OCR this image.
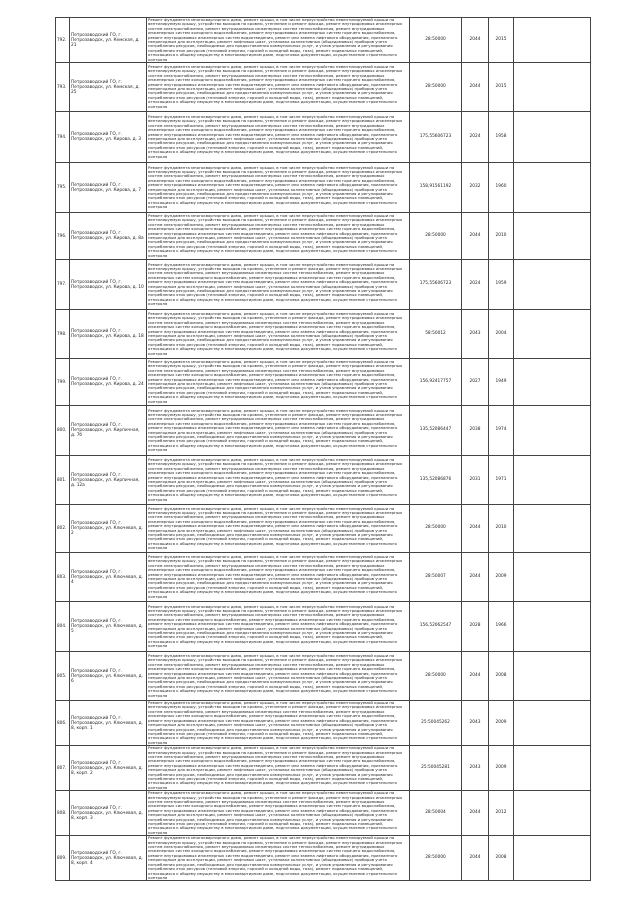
792.	Петрозаводский ГО, г. Петрозаводск, ул. Кемская, д. 21	Ремонт фундамента многоквартирного дома, ремонт крыши, в том числе переустройство невентилируемой крыши на вентилируемую крышу, устройство выходов на кровлю, утепление и ремонт фасада, ремонт внутридомовых инженерных систем электроснабжения, ремонт внутридомовых инженерных систем теплоснабжения, ремонт внутридомовых инженерных систем холодного водоснабжения, ремонт внутридомовых инженерных систем горячего водоснабжения, ремонт внутридомовых инженерных систем водоотведения, ремонт или замена лифтового оборудования, признанного непригодным для эксплуатации, ремонт лифтовых шахт, установка коллективных (общедомовых) приборов учета потребления ресурсов, необходимых для предоставления коммунальных услуг, и узлов управления и регулирования потребления этих ресурсов (тепловой энергии, горячей и холодной воды, газа), ремонт подвальных помещений, относящихся к общему имуществу в многоквартирном доме, подготовка документации, осуществление строительного контроля	28:50000	2044	2015	
793.	Петрозаводский ГО, г. Петрозаводск, ул. Кемская, д. 25	Ремонт фундамента многоквартирного дома, ремонт крыши, в том числе переустройство невентилируемой крыши на вентилируемую крышу, устройство выходов на кровлю, утепление и ремонт фасада, ремонт внутридомовых инженерных систем электроснабжения, ремонт внутридомовых инженерных систем теплоснабжения, ремонт внутридомовых инженерных систем холодного водоснабжения, ремонт внутридомовых инженерных систем горячего водоснабжения, ремонт внутридомовых инженерных систем водоотведения, ремонт или замена лифтового оборудования, признанного непригодным для эксплуатации, ремонт лифтовых шахт, установка коллективных (общедомовых) приборов учета потребления ресурсов, необходимых для предоставления коммунальных услуг, и узлов управления и регулирования потребления этих ресурсов (тепловой энергии, горячей и холодной воды, газа), ремонт подвальных помещений, относящихся к общему имуществу в многоквартирном доме, подготовка документации, осуществление строительного контроля	28:50000	2044	2015	
794.	Петрозаводский ГО, г. Петрозаводск, ул. Кирова, д. 3	Ремонт фундамента многоквартирного дома, ремонт крыши, в том числе переустройство невентилируемой крыши на вентилируемую крышу, устройство выходов на кровлю, утепление и ремонт фасада, ремонт внутридомовых инженерных систем электроснабжения, ремонт внутридомовых инженерных систем теплоснабжения, ремонт внутридомовых инженерных систем холодного водоснабжения, ремонт внутридомовых инженерных систем горячего водоснабжения, ремонт внутридомовых инженерных систем водоотведения, ремонт или замена лифтового оборудования, признанного непригодным для эксплуатации, ремонт лифтовых шахт, установка коллективных (общедомовых) приборов учета потребления ресурсов, необходимых для предоставления коммунальных услуг, и узлов управления и регулирования потребления этих ресурсов (тепловой энергии, горячей и холодной воды, газа), ремонт подвальных помещений, относящихся к общему имуществу в многоквартирном доме, подготовка документации, осуществление строительного контроля	175,55606723	2024	1958	
795.	Петрозаводский ГО, г. Петрозаводск, ул. Кирова, д. 7	Ремонт фундамента многоквартирного дома, ремонт крыши, в том числе переустройство невентилируемой крыши на вентилируемую крышу, устройство выходов на кровлю, утепление и ремонт фасада, ремонт внутридомовых инженерных систем электроснабжения, ремонт внутридомовых инженерных систем теплоснабжения, ремонт внутридомовых инженерных систем холодного водоснабжения, ремонт внутридомовых инженерных систем горячего водоснабжения, ремонт внутридомовых инженерных систем водоотведения, ремонт или замена лифтового оборудования, признанного непригодным для эксплуатации, ремонт лифтовых шахт, установка коллективных (общедомовых) приборов учета потребления ресурсов, необходимых для предоставления коммунальных услуг, и узлов управления и регулирования потребления этих ресурсов (тепловой энергии, горячей и холодной воды, газа), ремонт подвальных помещений, относящихся к общему имуществу в многоквартирном доме, подготовка документации, осуществление строительного контроля	158,91561192	2032	1960	
796.	Петрозаводский ГО, г. Петрозаводск, ул. Кирова, д. 8а	Ремонт фундамента многоквартирного дома, ремонт крыши, в том числе переустройство невентилируемой крыши на вентилируемую крышу, устройство выходов на кровлю, утепление и ремонт фасада, ремонт внутридомовых инженерных систем электроснабжения, ремонт внутридомовых инженерных систем теплоснабжения, ремонт внутридомовых инженерных систем холодного водоснабжения, ремонт внутридомовых инженерных систем горячего водоснабжения, ремонт внутридомовых инженерных систем водоотведения, ремонт или замена лифтового оборудования, признанного непригодным для эксплуатации, ремонт лифтовых шахт, установка коллективных (общедомовых) приборов учета потребления ресурсов, необходимых для предоставления коммунальных услуг, и узлов управления и регулирования потребления этих ресурсов (тепловой энергии, горячей и холодной воды, газа), ремонт подвальных помещений, относящихся к общему имуществу в многоквартирном доме, подготовка документации, осуществление строительного контроля	28:50000	2044	2010	
797.	Петрозаводский ГО, г. Петрозаводск, ул. Кирова, д. 10	Ремонт фундамента многоквартирного дома, ремонт крыши, в том числе переустройство невентилируемой крыши на вентилируемую крышу, устройство выходов на кровлю, утепление и ремонт фасада, ремонт внутридомовых инженерных систем электроснабжения, ремонт внутридомовых инженерных систем теплоснабжения, ремонт внутридомовых инженерных систем холодного водоснабжения, ремонт внутридомовых инженерных систем горячего водоснабжения, ремонт внутридомовых инженерных систем водоотведения, ремонт или замена лифтового оборудования, признанного непригодным для эксплуатации, ремонт лифтовых шахт, установка коллективных (общедомовых) приборов учета потребления ресурсов, необходимых для предоставления коммунальных услуг, и узлов управления и регулирования потребления этих ресурсов (тепловой энергии, горячей и холодной воды, газа), ремонт подвальных помещений, относящихся к общему имуществу в многоквартирном доме, подготовка документации, осуществление строительного контроля	175,55606723	2024	1959	
798.	Петрозаводский ГО, г. Петрозаводск, ул. Кирова, д. 18	Ремонт фундамента многоквартирного дома, ремонт крыши, в том числе переустройство невентилируемой крыши на вентилируемую крышу, устройство выходов на кровлю, утепление и ремонт фасада, ремонт внутридомовых инженерных систем электроснабжения, ремонт внутридомовых инженерных систем теплоснабжения, ремонт внутридомовых инженерных систем холодного водоснабжения, ремонт внутридомовых инженерных систем горячего водоснабжения, ремонт внутридомовых инженерных систем водоотведения, ремонт или замена лифтового оборудования, признанного непригодным для эксплуатации, ремонт лифтовых шахт, установка коллективных (общедомовых) приборов учета потребления ресурсов, необходимых для предоставления коммунальных услуг, и узлов управления и регулирования потребления этих ресурсов (тепловой энергии, горячей и холодной воды, газа), ремонт подвальных помещений, относящихся к общему имуществу в многоквартирном доме, подготовка документации, осуществление строительного контроля	58:50012	2043	2004	
799.	Петрозаводский ГО, г. Петрозаводск, ул. Кирова, д. 24	Ремонт фундамента многоквартирного дома, ремонт крыши, в том числе переустройство невентилируемой крыши на вентилируемую крышу, устройство выходов на кровлю, утепление и ремонт фасада, ремонт внутридомовых инженерных систем электроснабжения, ремонт внутридомовых инженерных систем теплоснабжения, ремонт внутридомовых инженерных систем холодного водоснабжения, ремонт внутридомовых инженерных систем горячего водоснабжения, ремонт внутридомовых инженерных систем водоотведения, ремонт или замена лифтового оборудования, признанного непригодным для эксплуатации, ремонт лифтовых шахт, установка коллективных (общедомовых) приборов учета потребления ресурсов, необходимых для предоставления коммунальных услуг, и узлов управления и регулирования потребления этих ресурсов (тепловой энергии, горячей и холодной воды, газа), ремонт подвальных помещений, относящихся к общему имуществу в многоквартирном доме, подготовка документации, осуществление строительного контроля	156,92417757	2027	1949	
800.	Петрозаводский ГО, г. Петрозаводск, ул. Кирпичная, д. 7б	Ремонт фундамента многоквартирного дома, ремонт крыши, в том числе переустройство невентилируемой крыши на вентилируемую крышу, устройство выходов на кровлю, утепление и ремонт фасада, ремонт внутридомовых инженерных систем электроснабжения, ремонт внутридомовых инженерных систем теплоснабжения, ремонт внутридомовых инженерных систем холодного водоснабжения, ремонт внутридомовых инженерных систем горячего водоснабжения, ремонт внутридомовых инженерных систем водоотведения, ремонт или замена лифтового оборудования, признанного непригодным для эксплуатации, ремонт лифтовых шахт, установка коллективных (общедомовых) приборов учета потребления ресурсов, необходимых для предоставления коммунальных услуг, и узлов управления и регулирования потребления этих ресурсов (тепловой энергии, горячей и холодной воды, газа), ремонт подвальных помещений, относящихся к общему имуществу в многоквартирном доме, подготовка документации, осуществление строительного контроля	135,52086447	2038	1974	
801.	Петрозаводский ГО, г. Петрозаводск, ул. Кирпичная, д. 12а	Ремонт фундамента многоквартирного дома, ремонт крыши, в том числе переустройство невентилируемой крыши на вентилируемую крышу, устройство выходов на кровлю, утепление и ремонт фасада, ремонт внутридомовых инженерных систем электроснабжения, ремонт внутридомовых инженерных систем теплоснабжения, ремонт внутридомовых инженерных систем холодного водоснабжения, ремонт внутридомовых инженерных систем горячего водоснабжения, ремонт внутридомовых инженерных систем водоотведения, ремонт или замена лифтового оборудования, признанного непригодным для эксплуатации, ремонт лифтовых шахт, установка коллективных (общедомовых) приборов учета потребления ресурсов, необходимых для предоставления коммунальных услуг, и узлов управления и регулирования потребления этих ресурсов (тепловой энергии, горячей и холодной воды, газа), ремонт подвальных помещений, относящихся к общему имуществу в многоквартирном доме, подготовка документации, осуществление строительного контроля	135,52086876	2031	1971	
802.	Петрозаводский ГО, г. Петрозаводск, ул. Ключевая, д. 2	Ремонт фундамента многоквартирного дома, ремонт крыши, в том числе переустройство невентилируемой крыши на вентилируемую крышу, устройство выходов на кровлю, утепление и ремонт фасада, ремонт внутридомовых инженерных систем электроснабжения, ремонт внутридомовых инженерных систем теплоснабжения, ремонт внутридомовых инженерных систем холодного водоснабжения, ремонт внутридомовых инженерных систем горячего водоснабжения, ремонт внутридомовых инженерных систем водоотведения, ремонт или замена лифтового оборудования, признанного непригодным для эксплуатации, ремонт лифтовых шахт, установка коллективных (общедомовых) приборов учета потребления ресурсов, необходимых для предоставления коммунальных услуг, и узлов управления и регулирования потребления этих ресурсов (тепловой энергии, горячей и холодной воды, газа), ремонт подвальных помещений, относящихся к общему имуществу в многоквартирном доме, подготовка документации, осуществление строительного контроля	28:50000	2044	2010	
803.	Петрозаводский ГО, г. Петрозаводск, ул. Ключевая, д. 4	Ремонт фундамента многоквартирного дома, ремонт крыши, в том числе переустройство невентилируемой крыши на вентилируемую крышу, устройство выходов на кровлю, утепление и ремонт фасада, ремонт внутридомовых инженерных систем электроснабжения, ремонт внутридомовых инженерных систем теплоснабжения, ремонт внутридомовых инженерных систем холодного водоснабжения, ремонт внутридомовых инженерных систем горячего водоснабжения, ремонт внутридомовых инженерных систем водоотведения, ремонт или замена лифтового оборудования, признанного непригодным для эксплуатации, ремонт лифтовых шахт, установка коллективных (общедомовых) приборов учета потребления ресурсов, необходимых для предоставления коммунальных услуг, и узлов управления и регулирования потребления этих ресурсов (тепловой энергии, горячей и холодной воды, газа), ремонт подвальных помещений, относящихся к общему имуществу в многоквартирном доме, подготовка документации, осуществление строительного контроля	28:50007	2044	2009	
804.	Петрозаводский ГО, г. Петрозаводск, ул. Ключевая, д. 5	Ремонт фундамента многоквартирного дома, ремонт крыши, в том числе переустройство невентилируемой крыши на вентилируемую крышу, устройство выходов на кровлю, утепление и ремонт фасада, ремонт внутридомовых инженерных систем электроснабжения, ремонт внутридомовых инженерных систем теплоснабжения, ремонт внутридомовых инженерных систем холодного водоснабжения, ремонт внутридомовых инженерных систем горячего водоснабжения, ремонт внутридомовых инженерных систем водоотведения, ремонт или замена лифтового оборудования, признанного непригодным для эксплуатации, ремонт лифтовых шахт, установка коллективных (общедомовых) приборов учета потребления ресурсов, необходимых для предоставления коммунальных услуг, и узлов управления и регулирования потребления этих ресурсов (тепловой энергии, горячей и холодной воды, газа), ремонт подвальных помещений, относящихся к общему имуществу в многоквартирном доме, подготовка документации, осуществление строительного контроля	156,52062547	2028	1966	
805.	Петрозаводский ГО, г. Петрозаводск, ул. Ключевая, д. 6	Ремонт фундамента многоквартирного дома, ремонт крыши, в том числе переустройство невентилируемой крыши на вентилируемую крышу, устройство выходов на кровлю, утепление и ремонт фасада, ремонт внутридомовых инженерных систем электроснабжения, ремонт внутридомовых инженерных систем теплоснабжения, ремонт внутридомовых инженерных систем холодного водоснабжения, ремонт внутридомовых инженерных систем горячего водоснабжения, ремонт внутридомовых инженерных систем водоотведения, ремонт или замена лифтового оборудования, признанного непригодным для эксплуатации, ремонт лифтовых шахт, установка коллективных (общедомовых) приборов учета потребления ресурсов, необходимых для предоставления коммунальных услуг, и узлов управления и регулирования потребления этих ресурсов (тепловой энергии, горячей и холодной воды, газа), ремонт подвальных помещений, относящихся к общему имуществу в многоквартирном доме, подготовка документации, осуществление строительного контроля	28:50000	2044	2008	
806.	Петрозаводский ГО, г. Петрозаводск, ул. Ключевая, д. 8, корп. 1	Ремонт фундамента многоквартирного дома, ремонт крыши, в том числе переустройство невентилируемой крыши на вентилируемую крышу, устройство выходов на кровлю, утепление и ремонт фасада, ремонт внутридомовых инженерных систем электроснабжения, ремонт внутридомовых инженерных систем теплоснабжения, ремонт внутридомовых инженерных систем холодного водоснабжения, ремонт внутридомовых инженерных систем горячего водоснабжения, ремонт внутридомовых инженерных систем водоотведения, ремонт или замена лифтового оборудования, признанного непригодным для эксплуатации, ремонт лифтовых шахт, установка коллективных (общедомовых) приборов учета потребления ресурсов, необходимых для предоставления коммунальных услуг, и узлов управления и регулирования потребления этих ресурсов (тепловой энергии, горячей и холодной воды, газа), ремонт подвальных помещений, относящихся к общему имуществу в многоквартирном доме, подготовка документации, осуществление строительного контроля	25:50045262	2043	2009	
807.	Петрозаводский ГО, г. Петрозаводск, ул. Ключевая, д. 8, корп. 2	Ремонт фундамента многоквартирного дома, ремонт крыши, в том числе переустройство невентилируемой крыши на вентилируемую крышу, устройство выходов на кровлю, утепление и ремонт фасада, ремонт внутридомовых инженерных систем электроснабжения, ремонт внутридомовых инженерных систем теплоснабжения, ремонт внутридомовых инженерных систем холодного водоснабжения, ремонт внутридомовых инженерных систем горячего водоснабжения, ремонт внутридомовых инженерных систем водоотведения, ремонт или замена лифтового оборудования, признанного непригодным для эксплуатации, ремонт лифтовых шахт, установка коллективных (общедомовых) приборов учета потребления ресурсов, необходимых для предоставления коммунальных услуг, и узлов управления и регулирования потребления этих ресурсов (тепловой энергии, горячей и холодной воды, газа), ремонт подвальных помещений, относящихся к общему имуществу в многоквартирном доме, подготовка документации, осуществление строительного контроля	25:50045281	2043	2009	
808.	Петрозаводский ГО, г. Петрозаводск, ул. Ключевая, д. 8, корп. 3	Ремонт фундамента многоквартирного дома, ремонт крыши, в том числе переустройство невентилируемой крыши на вентилируемую крышу, устройство выходов на кровлю, утепление и ремонт фасада, ремонт внутридомовых инженерных систем электроснабжения, ремонт внутридомовых инженерных систем теплоснабжения, ремонт внутридомовых инженерных систем холодного водоснабжения, ремонт внутридомовых инженерных систем горячего водоснабжения, ремонт внутридомовых инженерных систем водоотведения, ремонт или замена лифтового оборудования, признанного непригодным для эксплуатации, ремонт лифтовых шахт, установка коллективных (общедомовых) приборов учета потребления ресурсов, необходимых для предоставления коммунальных услуг, и узлов управления и регулирования потребления этих ресурсов (тепловой энергии, горячей и холодной воды, газа), ремонт подвальных помещений, относящихся к общему имуществу в многоквартирном доме, подготовка документации, осуществление строительного контроля	28:50004	2044	2012	
809.	Петрозаводский ГО, г. Петрозаводск, ул. Ключевая, д. 8, корп. 4	Ремонт фундамента многоквартирного дома, ремонт крыши, в том числе переустройство невентилируемой крыши на вентилируемую крышу, устройство выходов на кровлю, утепление и ремонт фасада, ремонт внутридомовых инженерных систем электроснабжения, ремонт внутридомовых инженерных систем теплоснабжения, ремонт внутридомовых инженерных систем холодного водоснабжения, ремонт внутридомовых инженерных систем горячего водоснабжения, ремонт внутридомовых инженерных систем водоотведения, ремонт или замена лифтового оборудования, признанного непригодным для эксплуатации, ремонт лифтовых шахт, установка коллективных (общедомовых) приборов учета потребления ресурсов, необходимых для предоставления коммунальных услуг, и узлов управления и регулирования потребления этих ресурсов (тепловой энергии, горячей и холодной воды, газа), ремонт подвальных помещений, относящихся к общему имуществу в многоквартирном доме, подготовка документации, осуществление строительного контроля	28:50000	2044	2008	
